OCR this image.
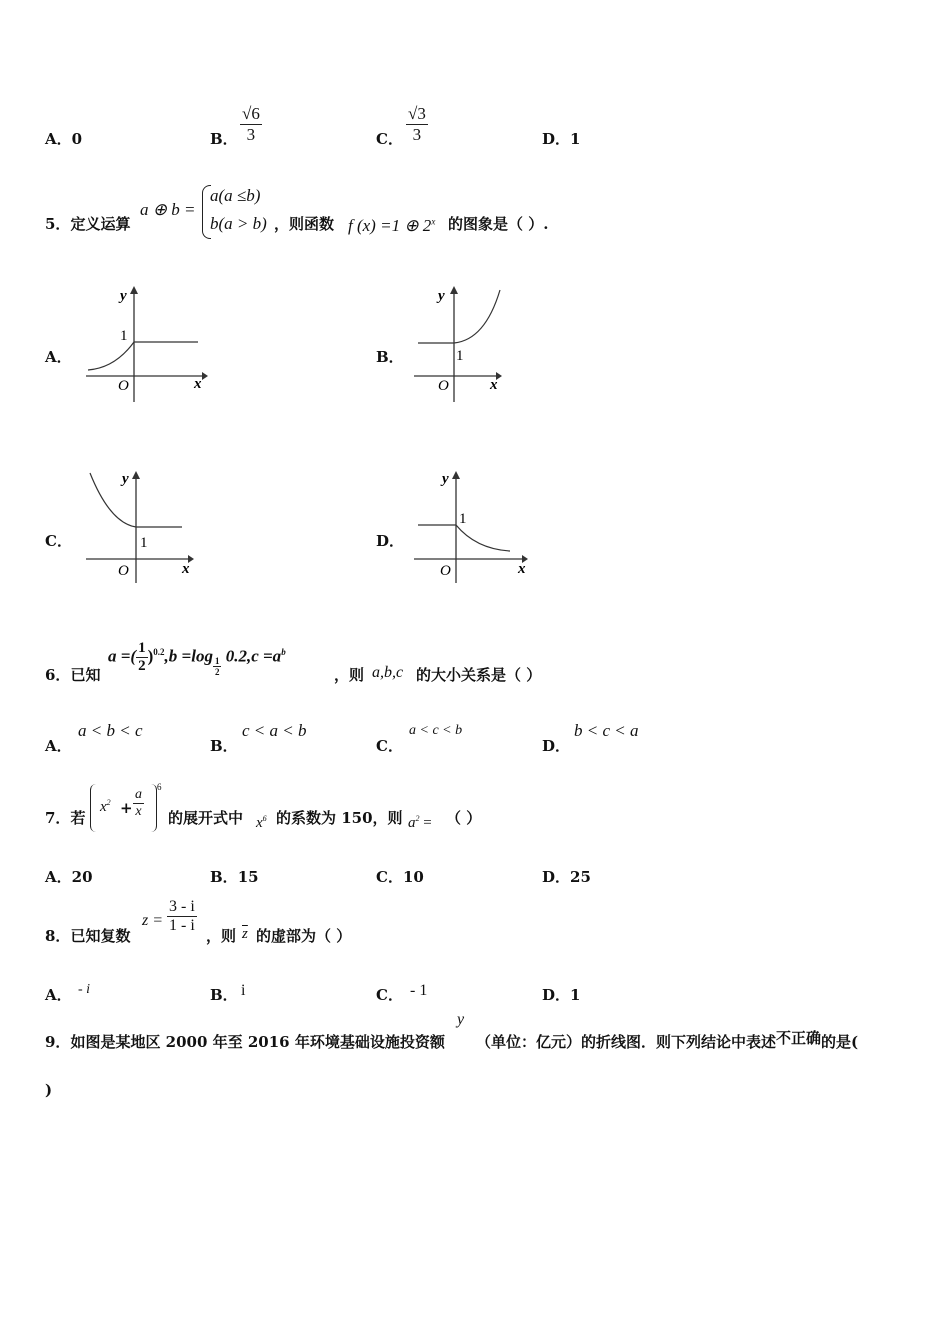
A．0	B．
√6
3	C．
√3
3	D．1
5．定义运算
a ⊕ b =
a(a ≤b)
b(a > b) ，则函数 f (x) =1 ⊕ 2$^x$ 的图象是（ ）.
A．
y
x
O
1
B．
y
x
O
1
C．
y
x
O
1	D．
y
x
O
1
6．已知
a =( $\frac{1}{2} )^{0.2},b =\log$
$\frac{1}{2}$
$0.2,c =a^b$
，则 a,b,c 的大小关系是（ ）
A．
a < b < c
B．
c < a < b
C．
a < c < b
D．
b < c < a
7．若
$x^2 + \frac{a}{x} 6$
的展开式中 $x^6$ 的系数为 150，则 $a^2$ = （ ）
A．20	B．15	C．10	D．25
8．已知复数
$z = \frac{3 - i}{1 - i}$
，则 $\overline{z}$ 的虚部为（ ）
A． - i	B． i	C． - 1	D．1
9．如图是某地区 2000 年至 2016 年环境基础设施投资额
y
（单位：亿元）的折线图．则下列结论中表述不正确的是(
)
